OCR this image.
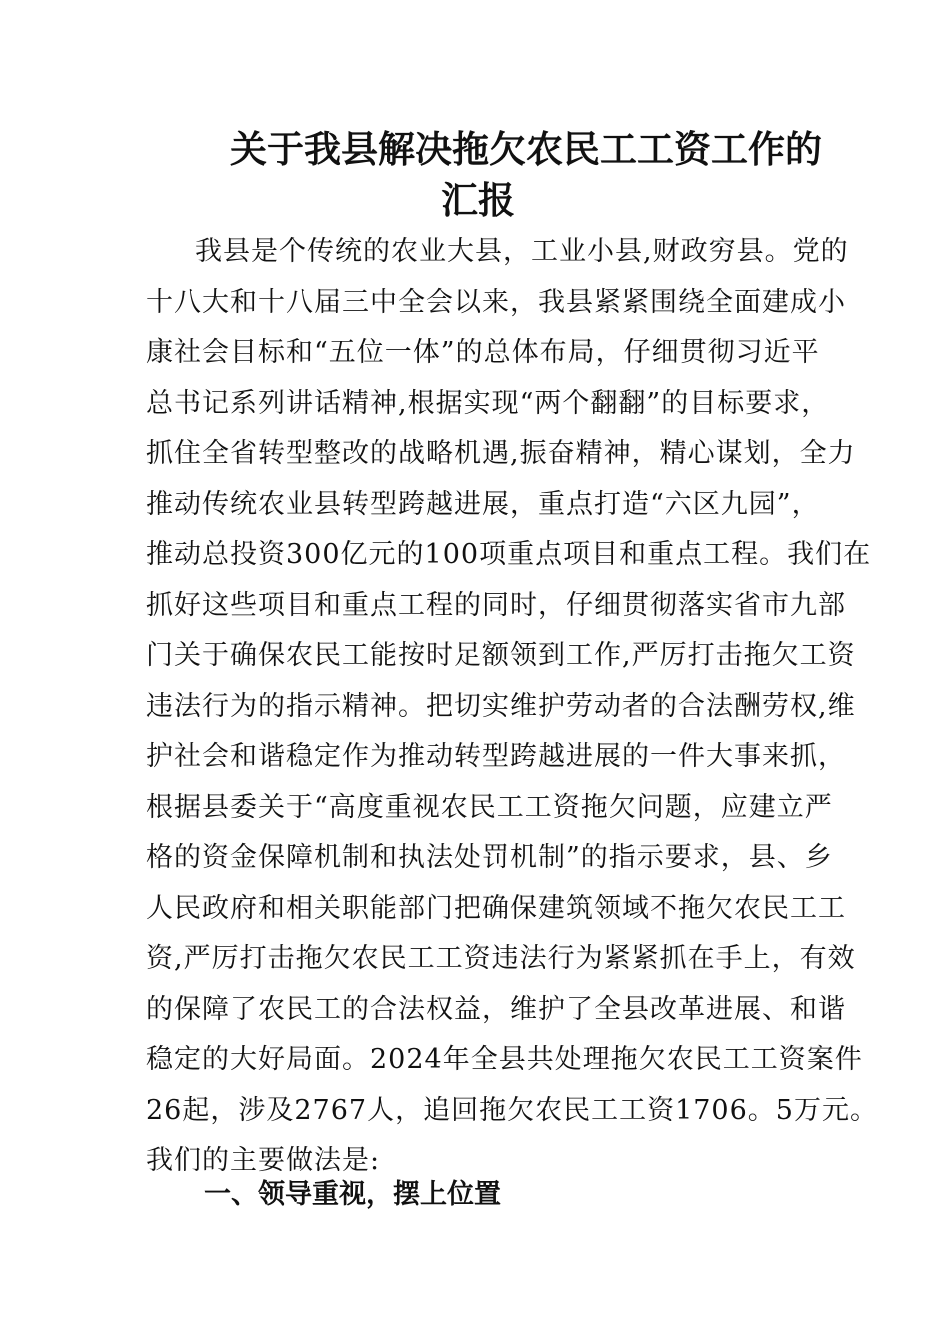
关于我县解决拖欠农民工工资工作的
汇报
我县是个传统的农业大县，工业小县,财政穷县。党的
十八大和十八届三中全会以来，我县紧紧围绕全面建成小
康社会目标和“五位一体”的总体布局，仔细贯彻习近平
总书记系列讲话精神,根据实现“两个翻翻”的目标要求，
抓住全省转型整改的战略机遇,振奋精神，精心谋划，全力
推动传统农业县转型跨越进展，重点打造“六区九园”，
推动总投资300亿元的100项重点项目和重点工程。我们在
抓好这些项目和重点工程的同时，仔细贯彻落实省市九部
门关于确保农民工能按时足额领到工作,严厉打击拖欠工资
违法行为的指示精神。把切实维护劳动者的合法酬劳权,维
护社会和谐稳定作为推动转型跨越进展的一件大事来抓，
根据县委关于“高度重视农民工工资拖欠问题，应建立严
格的资金保障机制和执法处罚机制”的指示要求，县、乡
人民政府和相关职能部门把确保建筑领域不拖欠农民工工
资,严厉打击拖欠农民工工资违法行为紧紧抓在手上，有效
的保障了农民工的合法权益，维护了全县改革进展、和谐
稳定的大好局面。2024年全县共处理拖欠农民工工资案件
26起，涉及2767人，追回拖欠农民工工资1706。5万元。
我们的主要做法是:
一、领导重视，摆上位置
